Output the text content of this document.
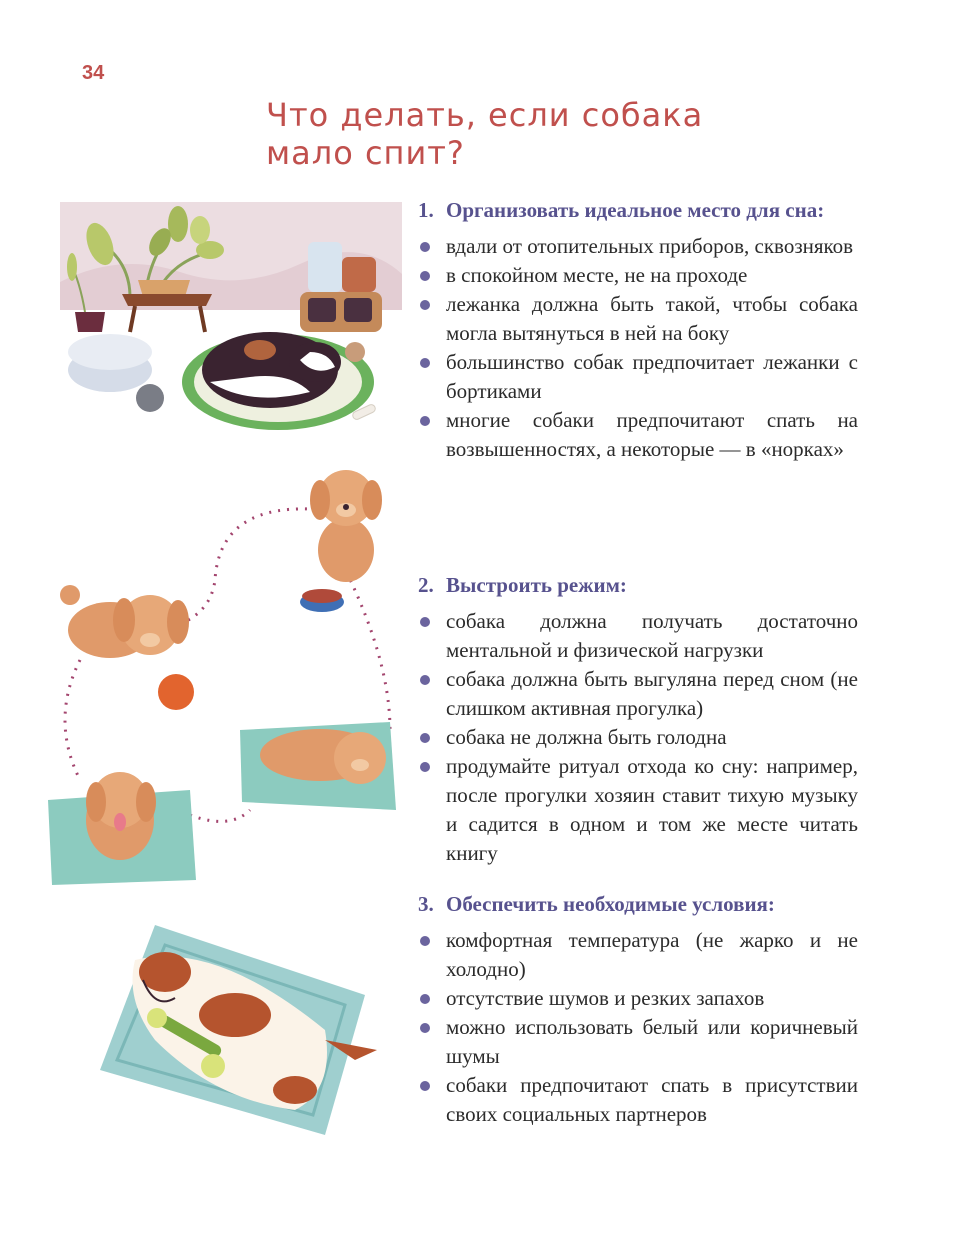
34
Что делать, если собака
мало спит?
1. Организовать идеальное место для сна:
вдали от отопительных приборов, сквозняков
в спокойном месте, не на проходе
лежанка должна быть такой, чтобы собака могла вытянуться в ней на боку
большинство собак предпочитает лежанки с бортиками
многие собаки предпочитают спать на возвышенностях, а некоторые — в «норках»
2. Выстроить режим:
собака должна получать достаточно ментальной и физической нагрузки
собака должна быть выгуляна перед сном (не слишком активная прогулка)
собака не должна быть голодна
продумайте ритуал отхода ко сну: например, после прогулки хозяин ставит тихую музыку и садится в одном и том же месте читать книгу
3. Обеспечить необходимые условия:
комфортная температура (не жарко и не холодно)
отсутствие шумов и резких запахов
можно использовать белый или коричневый шумы
собаки предпочитают спать в присутствии своих социальных партнеров
